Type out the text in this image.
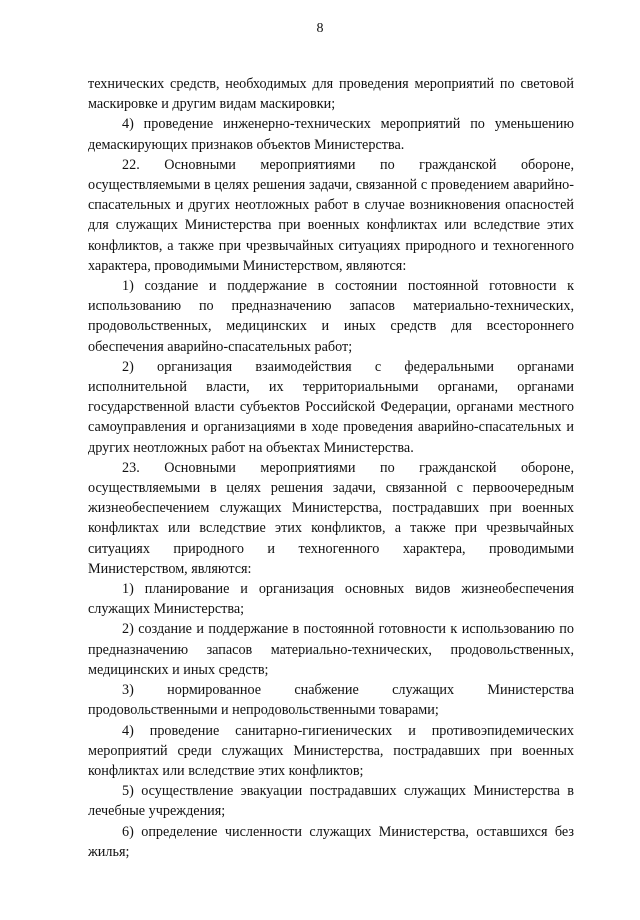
8

технических средств, необходимых для проведения мероприятий по световой маскировке и другим видам маскировки;

4) проведение инженерно-технических мероприятий по уменьшению демаскирующих признаков объектов Министерства.

22. Основными мероприятиями по гражданской обороне, осуществляемыми в целях решения задачи, связанной с проведением аварийно-спасательных и других неотложных работ в случае возникновения опасностей для служащих Министерства при военных конфликтах или вследствие этих конфликтов, а также при чрезвычайных ситуациях природного и техногенного характера, проводимыми Министерством, являются:

1) создание и поддержание в состоянии постоянной готовности к использованию по предназначению запасов материально-технических, продовольственных, медицинских и иных средств для всестороннего обеспечения аварийно-спасательных работ;

2) организация взаимодействия с федеральными органами исполнительной власти, их территориальными органами, органами государственной власти субъектов Российской Федерации, органами местного самоуправления и организациями в ходе проведения аварийно-спасательных и других неотложных работ на объектах Министерства.

23. Основными мероприятиями по гражданской обороне, осуществляемыми в целях решения задачи, связанной с первоочередным жизнеобеспечением служащих Министерства, пострадавших при военных конфликтах или вследствие этих конфликтов, а также при чрезвычайных ситуациях природного и техногенного характера, проводимыми Министерством, являются:

1) планирование и организация основных видов жизнеобеспечения служащих Министерства;

2) создание и поддержание в постоянной готовности к использованию по предназначению запасов материально-технических, продовольственных, медицинских и иных средств;

3) нормированное снабжение служащих Министерства продовольственными и непродовольственными товарами;

4) проведение санитарно-гигиенических и противоэпидемических мероприятий среди служащих Министерства, пострадавших при военных конфликтах или вследствие этих конфликтов;

5) осуществление эвакуации пострадавших служащих Министерства в лечебные учреждения;

6) определение численности служащих Министерства, оставшихся без жилья;
